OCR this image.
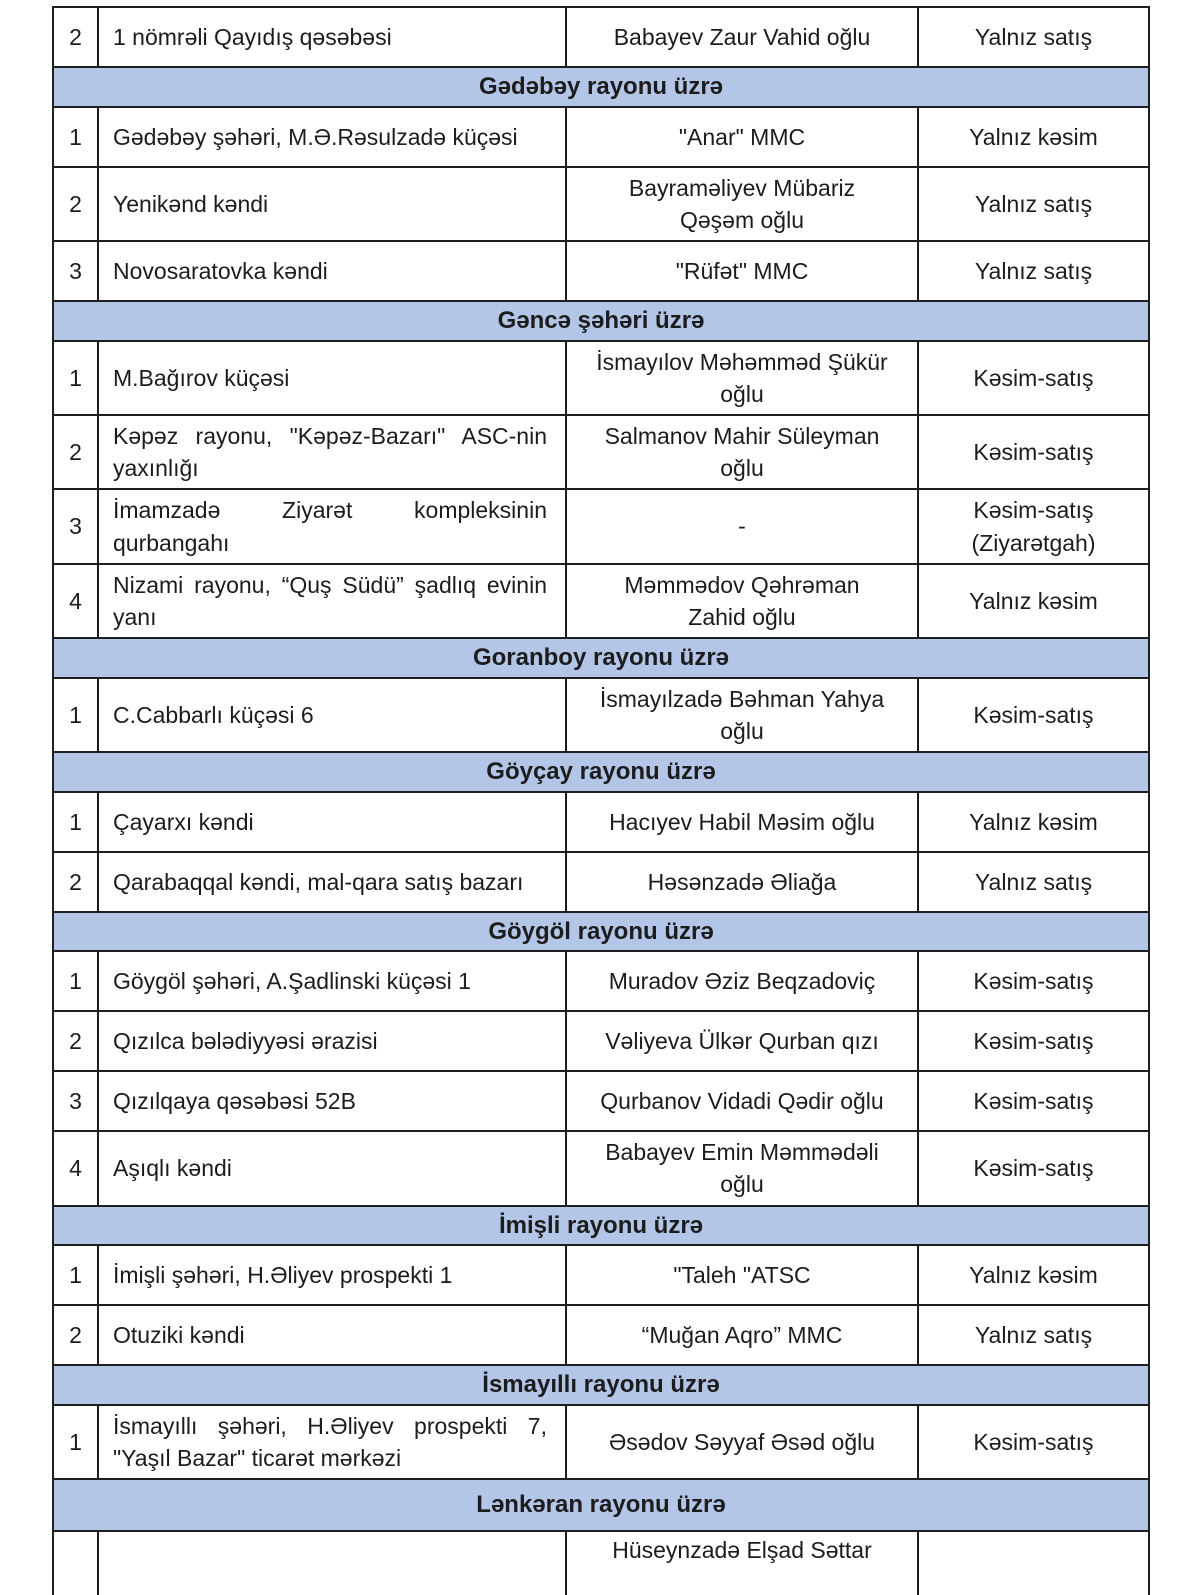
2	1 nömrəli Qayıdış qəsəbəsi	Babayev Zaur Vahid oğlu	Yalnız satış
Gədəbəy rayonu üzrə			
1	Gədəbəy şəhəri, M.Ə.Rəsulzadə küçəsi	"Anar" MMC	Yalnız kəsim
2	Yenikənd kəndi	Bayraməliyev Mübariz Qəşəm oğlu	Yalnız satış
3	Novosaratovka kəndi	"Rüfət" MMC	Yalnız satış
Gəncə şəhəri üzrə			
1	M.Bağırov küçəsi	İsmayılov Məhəmməd Şükür oğlu	Kəsim-satış
2	Kəpəz rayonu, "Kəpəz-Bazarı" ASC-nin yaxınlığı	Salmanov Mahir Süleyman oğlu	Kəsim-satış
3	İmamzadə Ziyarət kompleksinin qurbangahı	-	Kəsim-satış (Ziyarətgah)
4	Nizami rayonu, “Quş Südü” şadlıq evinin yanı	Məmmədov Qəhrəman Zahid oğlu	Yalnız kəsim
Goranboy rayonu üzrə			
1	C.Cabbarlı küçəsi 6	İsmayılzadə Bəhman Yahya oğlu	Kəsim-satış
Göyçay rayonu üzrə			
1	Çayarxı kəndi	Hacıyev Habil Məsim oğlu	Yalnız kəsim
2	Qarabaqqal kəndi, mal-qara satış bazarı	Həsənzadə Əliağa	Yalnız satış
Göygöl rayonu üzrə			
1	Göygöl şəhəri, A.Şadlinski küçəsi 1	Muradov Əziz Beqzadoviç	Kəsim-satış
2	Qızılca bələdiyyəsi ərazisi	Vəliyeva Ülkər Qurban qızı	Kəsim-satış
3	Qızılqaya qəsəbəsi 52B	Qurbanov Vidadi Qədir oğlu	Kəsim-satış
4	Aşıqlı kəndi	Babayev Emin Məmmədəli oğlu	Kəsim-satış
İmişli rayonu üzrə			
1	İmişli şəhəri, H.Əliyev prospekti 1	"Taleh "ATSC	Yalnız kəsim
2	Otuziki kəndi	“Muğan Aqro” MMC	Yalnız satış
İsmayıllı rayonu üzrə			
1	İsmayıllı şəhəri, H.Əliyev prospekti 7, "Yaşıl Bazar" ticarət mərkəzi	Əsədov Səyyaf Əsəd oğlu	Kəsim-satış
Lənkəran rayonu üzrə			
		Hüseynzadə Elşad Səttar	
